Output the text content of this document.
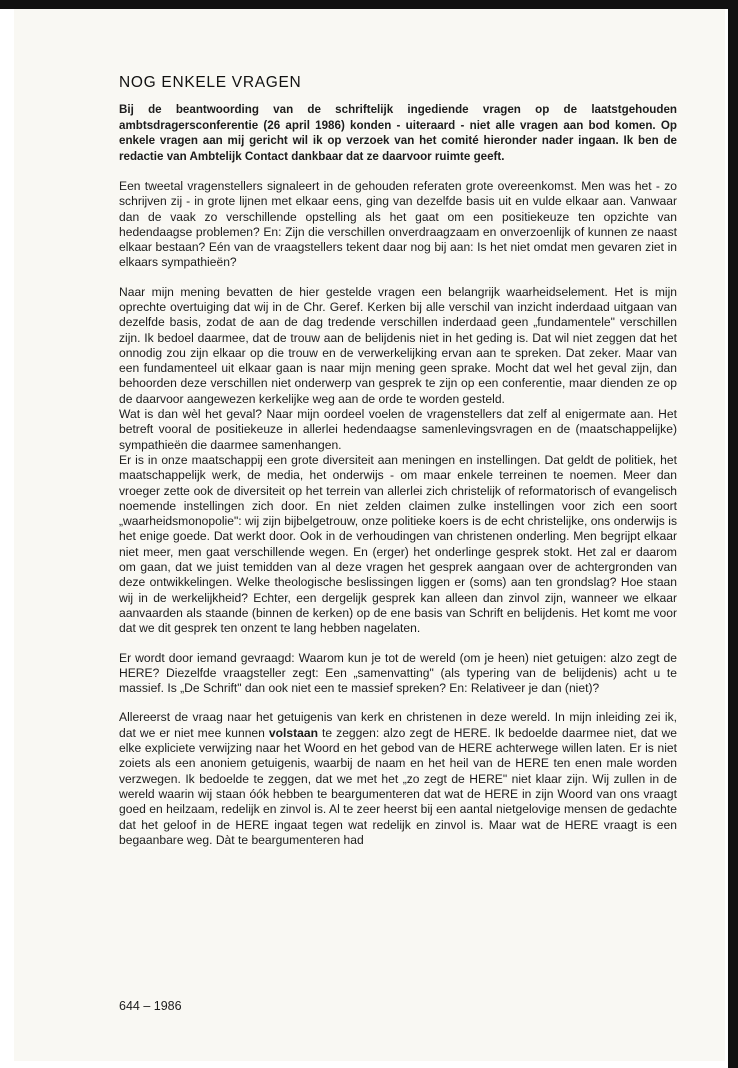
NOG ENKELE VRAGEN

Bij de beantwoording van de schriftelijk ingediende vragen op de laatstgehouden ambtsdragersconferentie (26 april 1986) konden - uiteraard - niet alle vragen aan bod komen. Op enkele vragen aan mij gericht wil ik op verzoek van het comité hieronder nader ingaan. Ik ben de redactie van Ambtelijk Contact dankbaar dat ze daarvoor ruimte geeft.

Een tweetal vragenstellers signaleert in de gehouden referaten grote overeenkomst. Men was het - zo schrijven zij - in grote lijnen met elkaar eens, ging van dezelfde basis uit en vulde elkaar aan. Vanwaar dan de vaak zo verschillende opstelling als het gaat om een positiekeuze ten opzichte van hedendaagse problemen? En: Zijn die verschillen onverdraagzaam en onverzoenlijk of kunnen ze naast elkaar bestaan? Eén van de vraagstellers tekent daar nog bij aan: Is het niet omdat men gevaren ziet in elkaars sympathieën?

Naar mijn mening bevatten de hier gestelde vragen een belangrijk waarheidselement. Het is mijn oprechte overtuiging dat wij in de Chr. Geref. Kerken bij alle verschil van inzicht inderdaad uitgaan van dezelfde basis, zodat de aan de dag tredende verschillen inderdaad geen „fundamentele" verschillen zijn. Ik bedoel daarmee, dat de trouw aan de belijdenis niet in het geding is. Dat wil niet zeggen dat het onnodig zou zijn elkaar op die trouw en de verwerkelijking ervan aan te spreken. Dat zeker. Maar van een fundamenteel uit elkaar gaan is naar mijn mening geen sprake. Mocht dat wel het geval zijn, dan behoorden deze verschillen niet onderwerp van gesprek te zijn op een conferentie, maar dienden ze op de daarvoor aangewezen kerkelijke weg aan de orde te worden gesteld.

Wat is dan wèl het geval? Naar mijn oordeel voelen de vragenstellers dat zelf al enigermate aan. Het betreft vooral de positiekeuze in allerlei hedendaagse samenlevingsvragen en de (maatschappelijke) sympathieën die daarmee samenhangen.

Er is in onze maatschappij een grote diversiteit aan meningen en instellingen. Dat geldt de politiek, het maatschappelijk werk, de media, het onderwijs - om maar enkele terreinen te noemen. Meer dan vroeger zette ook de diversiteit op het terrein van allerlei zich christelijk of reformatorisch of evangelisch noemende instellingen zich door. En niet zelden claimen zulke instellingen voor zich een soort „waarheidsmonopolie": wij zijn bijbelgetrouw, onze politieke koers is de echt christelijke, ons onderwijs is het enige goede. Dat werkt door. Ook in de verhoudingen van christenen onderling. Men begrijpt elkaar niet meer, men gaat verschillende wegen. En (erger) het onderlinge gesprek stokt. Het zal er daarom om gaan, dat we juist temidden van al deze vragen het gesprek aangaan over de achtergronden van deze ontwikkelingen. Welke theologische beslissingen liggen er (soms) aan ten grondslag? Hoe staan wij in de werkelijkheid? Echter, een dergelijk gesprek kan alleen dan zinvol zijn, wanneer we elkaar aanvaarden als staande (binnen de kerken) op de ene basis van Schrift en belijdenis. Het komt me voor dat we dit gesprek ten onzent te lang hebben nagelaten.

Er wordt door iemand gevraagd: Waarom kun je tot de wereld (om je heen) niet getuigen: alzo zegt de HERE? Diezelfde vraagsteller zegt: Een „samenvatting" (als typering van de belijdenis) acht u te massief. Is „De Schrift" dan ook niet een te massief spreken? En: Relativeer je dan (niet)?

Allereerst de vraag naar het getuigenis van kerk en christenen in deze wereld. In mijn inleiding zei ik, dat we er niet mee kunnen volstaan te zeggen: alzo zegt de HERE. Ik bedoelde daarmee niet, dat we elke expliciete verwijzing naar het Woord en het gebod van de HERE achterwege willen laten. Er is niet zoiets als een anoniem getuigenis, waarbij de naam en het heil van de HERE ten enen male worden verzwegen. Ik bedoelde te zeggen, dat we met het „zo zegt de HERE" niet klaar zijn. Wij zullen in de wereld waarin wij staan óók hebben te beargumenteren dat wat de HERE in zijn Woord van ons vraagt goed en heilzaam, redelijk en zinvol is. Al te zeer heerst bij een aantal nietgelovige mensen de gedachte dat het geloof in de HERE ingaat tegen wat redelijk en zinvol is. Maar wat de HERE vraagt is een begaanbare weg. Dàt te beargumenteren had

644 – 1986
